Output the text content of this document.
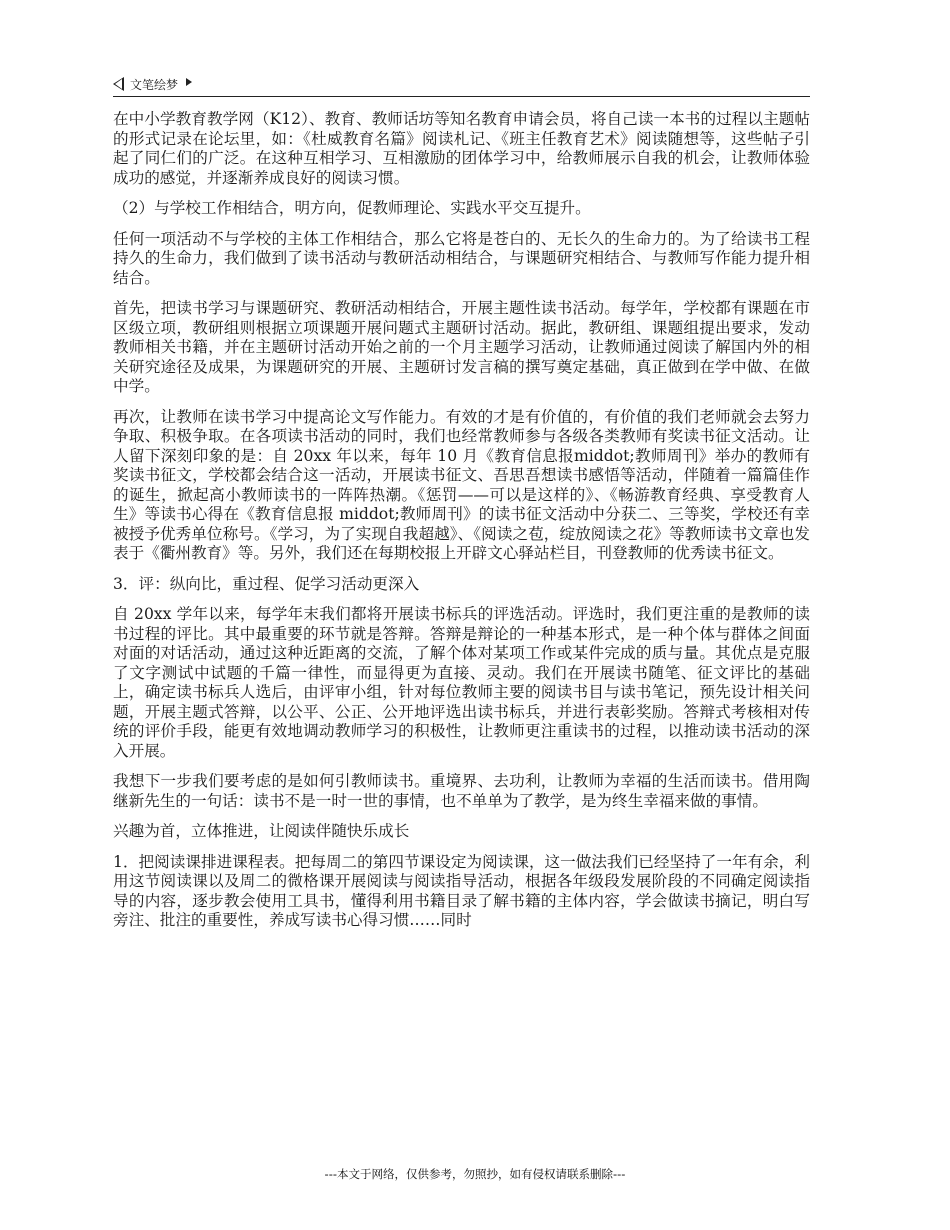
文笔绘梦

在中小学教育教学网（K12）、教育、教师话坊等知名教育申请会员，将自己读一本书的过程以主题帖的形式记录在论坛里，如：《杜威教育名篇》阅读札记、《班主任教育艺术》阅读随想等，这些帖子引起了同仁们的广泛。在这种互相学习、互相激励的团体学习中，给教师展示自我的机会，让教师体验成功的感觉，并逐渐养成良好的阅读习惯。

（2）与学校工作相结合，明方向，促教师理论、实践水平交互提升。

任何一项活动不与学校的主体工作相结合，那么它将是苍白的、无长久的生命力的。为了给读书工程持久的生命力，我们做到了读书活动与教研活动相结合，与课题研究相结合、与教师写作能力提升相结合。

首先，把读书学习与课题研究、教研活动相结合，开展主题性读书活动。每学年，学校都有课题在市区级立项，教研组则根据立项课题开展问题式主题研讨活动。据此，教研组、课题组提出要求，发动教师相关书籍，并在主题研讨活动开始之前的一个月主题学习活动，让教师通过阅读了解国内外的相关研究途径及成果，为课题研究的开展、主题研讨发言稿的撰写奠定基础，真正做到在学中做、在做中学。

再次，让教师在读书学习中提高论文写作能力。有效的才是有价值的，有价值的我们老师就会去努力争取、积极争取。在各项读书活动的同时，我们也经常教师参与各级各类教师有奖读书征文活动。让人留下深刻印象的是：自 20xx 年以来，每年 10 月《教育信息报middot;教师周刊》举办的教师有奖读书征文，学校都会结合这一活动，开展读书征文、吾思吾想读书感悟等活动，伴随着一篇篇佳作的诞生，掀起高小教师读书的一阵阵热潮。《惩罚——可以是这样的》、《畅游教育经典、享受教育人生》等读书心得在《教育信息报 middot;教师周刊》的读书征文活动中分获二、三等奖，学校还有幸被授予优秀单位称号。《学习，为了实现自我超越》、《阅读之苞，绽放阅读之花》等教师读书文章也发表于《衢州教育》等。另外，我们还在每期校报上开辟文心驿站栏目，刊登教师的优秀读书征文。

3．评：纵向比，重过程、促学习活动更深入

自 20xx 学年以来，每学年末我们都将开展读书标兵的评选活动。评选时，我们更注重的是教师的读书过程的评比。其中最重要的环节就是答辩。答辩是辩论的一种基本形式，是一种个体与群体之间面对面的对话活动，通过这种近距离的交流，了解个体对某项工作或某件完成的质与量。其优点是克服了文字测试中试题的千篇一律性，而显得更为直接、灵动。我们在开展读书随笔、征文评比的基础上，确定读书标兵人选后，由评审小组，针对每位教师主要的阅读书目与读书笔记，预先设计相关问题，开展主题式答辩，以公平、公正、公开地评选出读书标兵，并进行表彰奖励。答辩式考核相对传统的评价手段，能更有效地调动教师学习的积极性，让教师更注重读书的过程，以推动读书活动的深入开展。

我想下一步我们要考虑的是如何引教师读书。重境界、去功利，让教师为幸福的生活而读书。借用陶继新先生的一句话：读书不是一时一世的事情，也不单单为了教学，是为终生幸福来做的事情。

兴趣为首，立体推进，让阅读伴随快乐成长

1．把阅读课排进课程表。把每周二的第四节课设定为阅读课，这一做法我们已经坚持了一年有余，利用这节阅读课以及周二的微格课开展阅读与阅读指导活动，根据各年级段发展阶段的不同确定阅读指导的内容，逐步教会使用工具书，懂得利用书籍目录了解书籍的主体内容，学会做读书摘记，明白写旁注、批注的重要性，养成写读书心得习惯……同时

---本文于网络，仅供参考，勿照抄，如有侵权请联系删除---
